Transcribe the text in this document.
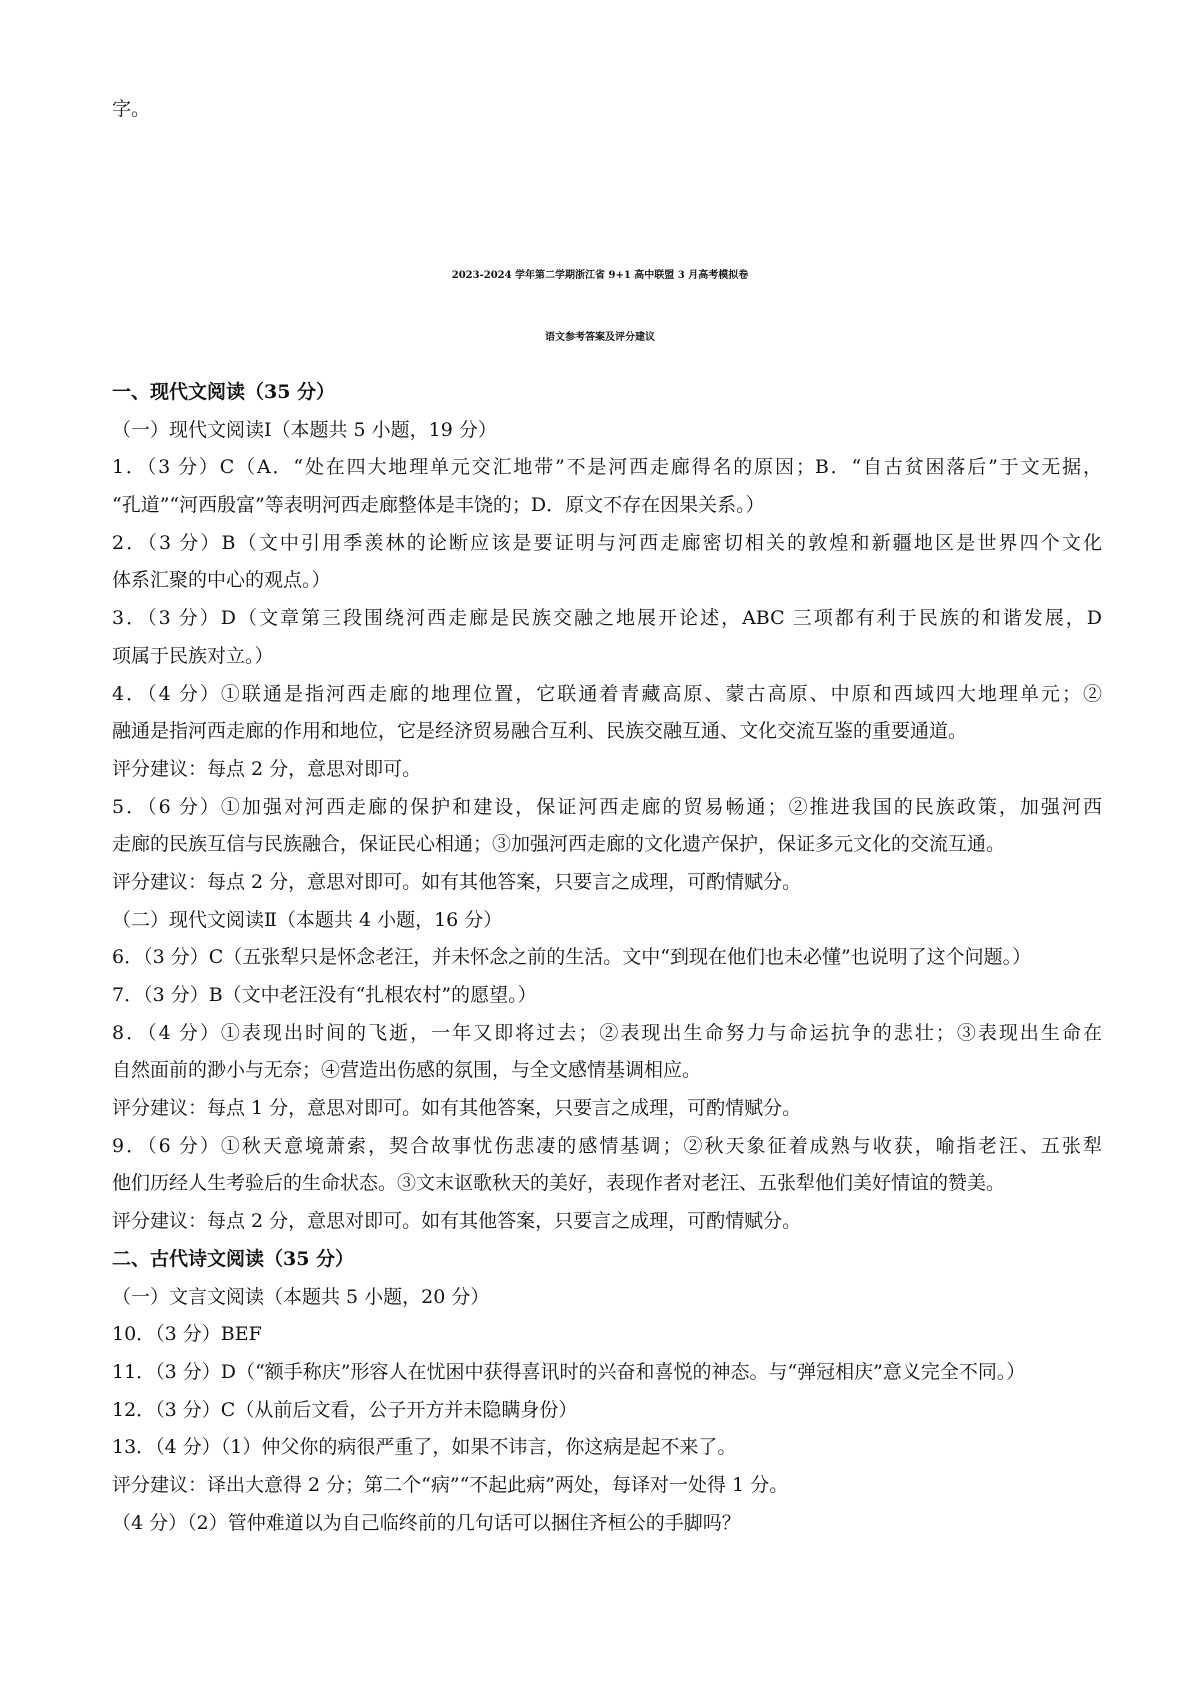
字。
2023-2024 学年第二学期浙江省 9+1 高中联盟 3 月高考模拟卷
语文参考答案及评分建议
一、现代文阅读（35 分）
（一）现代文阅读Ⅰ（本题共 5 小题，19 分）
1．（3 分）C（A．“处在四大地理单元交汇地带”不是河西走廊得名的原因；B．“自古贫困落后”于文无据，
“孔道”“河西殷富”等表明河西走廊整体是丰饶的；D．原文不存在因果关系。）
2．（3 分）B（文中引用季羡林的论断应该是要证明与河西走廊密切相关的敦煌和新疆地区是世界四个文化
体系汇聚的中心的观点。）
3．（3 分）D（文章第三段围绕河西走廊是民族交融之地展开论述，ABC 三项都有利于民族的和谐发展，D
项属于民族对立。）
4．（4 分）①联通是指河西走廊的地理位置，它联通着青藏高原、蒙古高原、中原和西域四大地理单元；②
融通是指河西走廊的作用和地位，它是经济贸易融合互利、民族交融互通、文化交流互鉴的重要通道。
评分建议：每点 2 分，意思对即可。
5．（6 分）①加强对河西走廊的保护和建设，保证河西走廊的贸易畅通；②推进我国的民族政策，加强河西
走廊的民族互信与民族融合，保证民心相通；③加强河西走廊的文化遗产保护，保证多元文化的交流互通。
评分建议：每点 2 分，意思对即可。如有其他答案，只要言之成理，可酌情赋分。
（二）现代文阅读Ⅱ（本题共 4 小题，16 分）
6．（3 分）C（五张犁只是怀念老汪，并未怀念之前的生活。文中“到现在他们也未必懂”也说明了这个问题。）
7．（3 分）B（文中老汪没有“扎根农村”的愿望。）
8．（4 分）①表现出时间的飞逝，一年又即将过去；②表现出生命努力与命运抗争的悲壮；③表现出生命在
自然面前的渺小与无奈；④营造出伤感的氛围，与全文感情基调相应。
评分建议：每点 1 分，意思对即可。如有其他答案，只要言之成理，可酌情赋分。
9．（6 分）①秋天意境萧索，契合故事忧伤悲凄的感情基调；②秋天象征着成熟与收获，喻指老汪、五张犁
他们历经人生考验后的生命状态。③文末讴歌秋天的美好，表现作者对老汪、五张犁他们美好情谊的赞美。
评分建议：每点 2 分，意思对即可。如有其他答案，只要言之成理，可酌情赋分。
二、古代诗文阅读（35 分）
（一）文言文阅读（本题共 5 小题，20 分）
10．（3 分）BEF
11．（3 分）D（“额手称庆”形容人在忧困中获得喜讯时的兴奋和喜悦的神态。与“弹冠相庆”意义完全不同。）
12．（3 分）C（从前后文看，公子开方并未隐瞒身份）
13．（4 分）（1）仲父你的病很严重了，如果不讳言，你这病是起不来了。
评分建议：译出大意得 2 分；第二个“病”“不起此病”两处，每译对一处得 1 分。
（4 分）（2）管仲难道以为自己临终前的几句话可以捆住齐桓公的手脚吗？
